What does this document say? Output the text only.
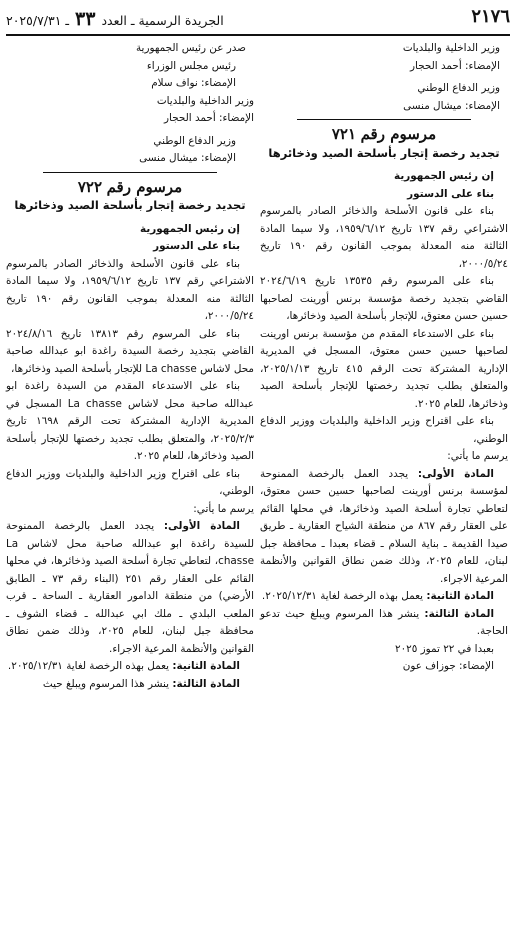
٢١٧٦
الجريدة الرسمية ـ العدد ٣٣ ـ ٢٠٢٥/٧/٣١

وزير الداخلية والبلديات

الإمضاء: أحمد الحجار

وزير الدفاع الوطني

الإمضاء: ميشال منسى

مرسوم رقم ٧٢١
تجديد رخصة إتجار بأسلحة الصيد وذخائرها

إن رئيس الجمهورية

بناء على الدستور

بناء على قانون الأسلحة والذخائر الصادر بالمرسوم الاشتراعي رقم ١٣٧ تاريخ ١٩٥٩/٦/١٢، ولا سيما المادة الثالثة منه المعدلة بموجب القانون رقم ١٩٠ تاريخ ٢٠٠٠/٥/٢٤،

بناء على المرسوم رقم ١٣٥٣٥ تاريخ ٢٠٢٤/٦/١٩ القاضي بتجديد رخصة مؤسسة برنس أورينت لصاحبها حسين حسن معتوق، للإتجار بأسلحة الصيد وذخائرها،

بناء على الاستدعاء المقدم من مؤسسة برنس اورينت لصاحبها حسين حسن معتوق، المسجل في المديرية الإدارية المشتركة تحت الرقم ٤١٥ تاريخ ٢٠٢٥/١/١٣، والمتعلق بطلب تجديد رخصتها للإتجار بأسلحة الصيد وذخائرها، للعام ٢٠٢٥.

بناء على اقتراح وزير الداخلية والبلديات ووزير الدفاع الوطني،

يرسم ما يأتي:

المادة الأولى: يجدد العمل بالرخصة الممنوحة لمؤسسة برنس أورينت لصاحبها حسين حسن معتوق، لتعاطي تجارة أسلحة الصيد وذخائرها، في محلها القائم على العقار رقم ٨٦٧ من منطقة الشياح العقارية ـ طريق صيدا القديمة ـ بناية السلام ـ قضاء بعبدا ـ محافظة جبل لبنان، للعام ٢٠٢٥، وذلك ضمن نطاق القوانين والأنظمة المرعية الاجراء.

المادة الثانية: يعمل بهذه الرخصة لغاية ٢٠٢٥/١٢/٣١.

المادة الثالثة: ينشر هذا المرسوم ويبلغ حيث تدعو الحاجة.

بعبدا في ٢٢ تموز ٢٠٢٥

الإمضاء: جوزاف عون

صدر عن رئيس الجمهورية

رئيس مجلس الوزراء

الإمضاء: نواف سلام

وزير الداخلية والبلديات

الإمضاء: أحمد الحجار

وزير الدفاع الوطني

الإمضاء: ميشال منسى

مرسوم رقم ٧٢٢
تجديد رخصة إتجار بأسلحة الصيد وذخائرها

إن رئيس الجمهورية

بناء على الدستور

بناء على قانون الأسلحة والذخائر الصادر بالمرسوم الاشتراعي رقم ١٣٧ تاريخ ١٩٥٩/٦/١٢، ولا سيما المادة الثالثة منه المعدلة بموجب القانون رقم ١٩٠ تاريخ ٢٠٠٠/٥/٢٤،

بناء على المرسوم رقم ١٣٨١٣ تاريخ ٢٠٢٤/٨/١٦ القاضي بتجديد رخصة السيدة راغدة ابو عبدالله صاحبة محل لاشاس La chasse للإتجار بأسلحة الصيد وذخائرها،

بناء على الاستدعاء المقدم من السيدة راغدة ابو عبدالله صاحبة محل لاشاس La chasse المسجل في المديرية الإدارية المشتركة تحت الرقم ١٦٩٨ تاريخ ٢٠٢٥/٢/٣، والمتعلق بطلب تجديد رخصتها للإتجار بأسلحة الصيد وذخائرها، للعام ٢٠٢٥.

بناء على اقتراح وزير الداخلية والبلديات ووزير الدفاع الوطني،

يرسم ما يأتي:

المادة الأولى: يجدد العمل بالرخصة الممنوحة للسيدة راغدة ابو عبدالله صاحبة محل لاشاس La chasse، لتعاطي تجارة أسلحة الصيد وذخائرها، في محلها القائم على العقار رقم ٢٥١ (البناء رقم ٧٣ ـ الطابق الأرضي) من منطقة الدامور العقارية ـ الساحة ـ قرب الملعب البلدي ـ ملك ابي عبدالله ـ قضاء الشوف ـ محافظة جبل لبنان، للعام ٢٠٢٥، وذلك ضمن نطاق القوانين والأنظمة المرعية الاجراء.

المادة الثانية: يعمل بهذه الرخصة لغاية ٢٠٢٥/١٢/٣١.

المادة الثالثة: ينشر هذا المرسوم ويبلغ حيث
